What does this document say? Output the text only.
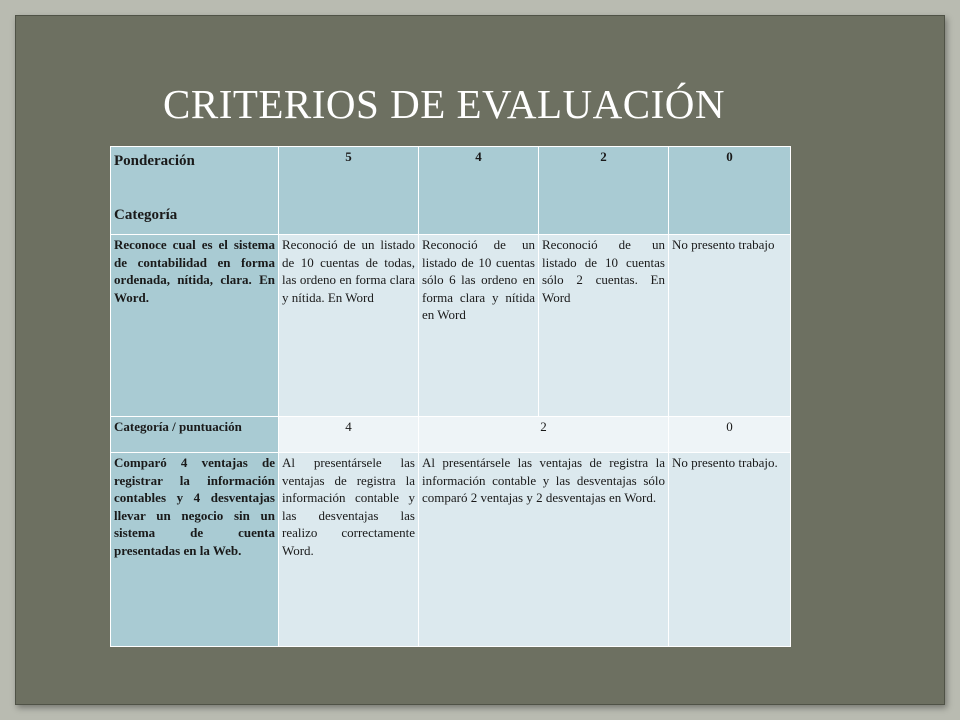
CRITERIOS DE EVALUACIÓN
Ponderación
Categoría	5	4	2	0
Reconoce cual es el sistema de contabilidad en forma ordenada, nítida, clara. En Word.	Reconoció de un listado de 10 cuentas de todas, las ordeno en forma clara y nítida. En Word	Reconoció de un listado de 10 cuentas sólo 6 las ordeno en forma clara y nítida en Word	Reconoció de un listado de 10 cuentas sólo 2 cuentas. En Word	No presento trabajo
Categoría / puntuación	4	2		0
Comparó 4 ventajas de registrar la información contables y 4 desventajas llevar un negocio sin un sistema de cuenta presentadas en la Web.	Al presentársele las ventajas de registra la información contable y las desventajas las realizo correctamente Word.	Al presentársele las ventajas de registra la información contable y las desventajas sólo comparó 2 ventajas y 2 desventajas en Word.		No presento trabajo.
